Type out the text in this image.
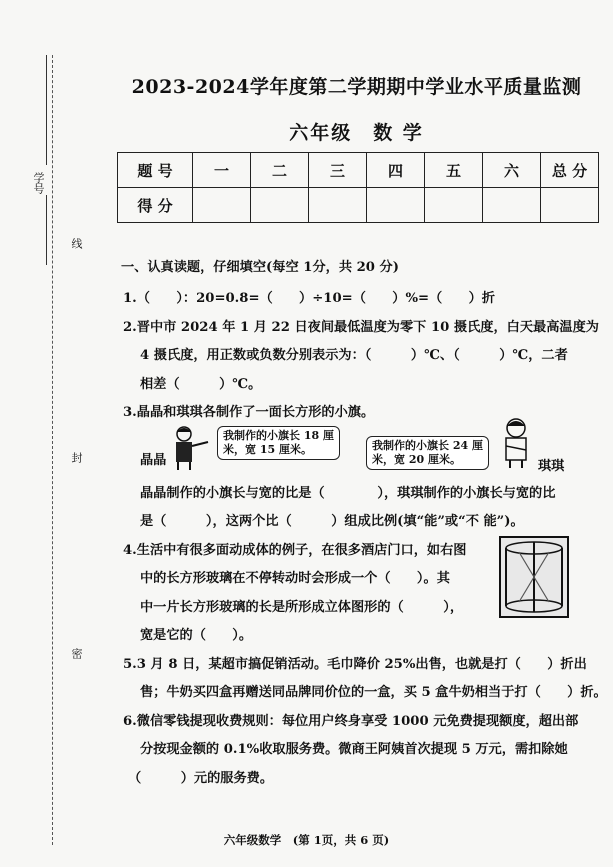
学号
线
封
密
2023-2024学年度第二学期期中学业水平质量监测
六年级　数 学
题 号	一	二	三	四	五	六	总 分
得 分							
一、认真读题，仔细填空(每空 1分，共 20 分)
1.（　　）：20=0.8=（　　）÷10=（　　）%=（　　）折
2.晋中市 2024 年 1 月 22 日夜间最低温度为零下 10 摄氏度，白天最高温度为
4 摄氏度，用正数或负数分别表示为：（　　　）℃、（　　　）℃，二者
相差（　　　）℃。
3.晶晶和琪琪各制作了一面长方形的小旗。
晶晶
我制作的小旗长 18 厘
米，宽 15 厘米。	我制作的小旗长 24 厘
米，宽 20 厘米。	琪琪
晶晶制作的小旗长与宽的比是（　　　　），琪琪制作的小旗长与宽的比
是（　　　），这两个比（　　　）组成比例(填“能”或“不 能”)。
4.生活中有很多面动成体的例子，在很多酒店门口，如右图
中的长方形玻璃在不停转动时会形成一个（　　）。其
中一片长方形玻璃的长是所形成立体图形的（　　　），
宽是它的（　　）。
5.3 月 8 日，某超市搞促销活动。毛巾降价 25%出售，也就是打（　　）折出
售；牛奶买四盒再赠送同品牌同价位的一盒，买 5 盒牛奶相当于打（　　）折。
6.微信零钱提现收费规则：每位用户终身享受 1000 元免费提现额度，超出部
分按现金额的 0.1%收取服务费。微商王阿姨首次提现 5 万元，需扣除她
（　　　）元的服务费。
六年级数学　(第 1页，共 6 页)
